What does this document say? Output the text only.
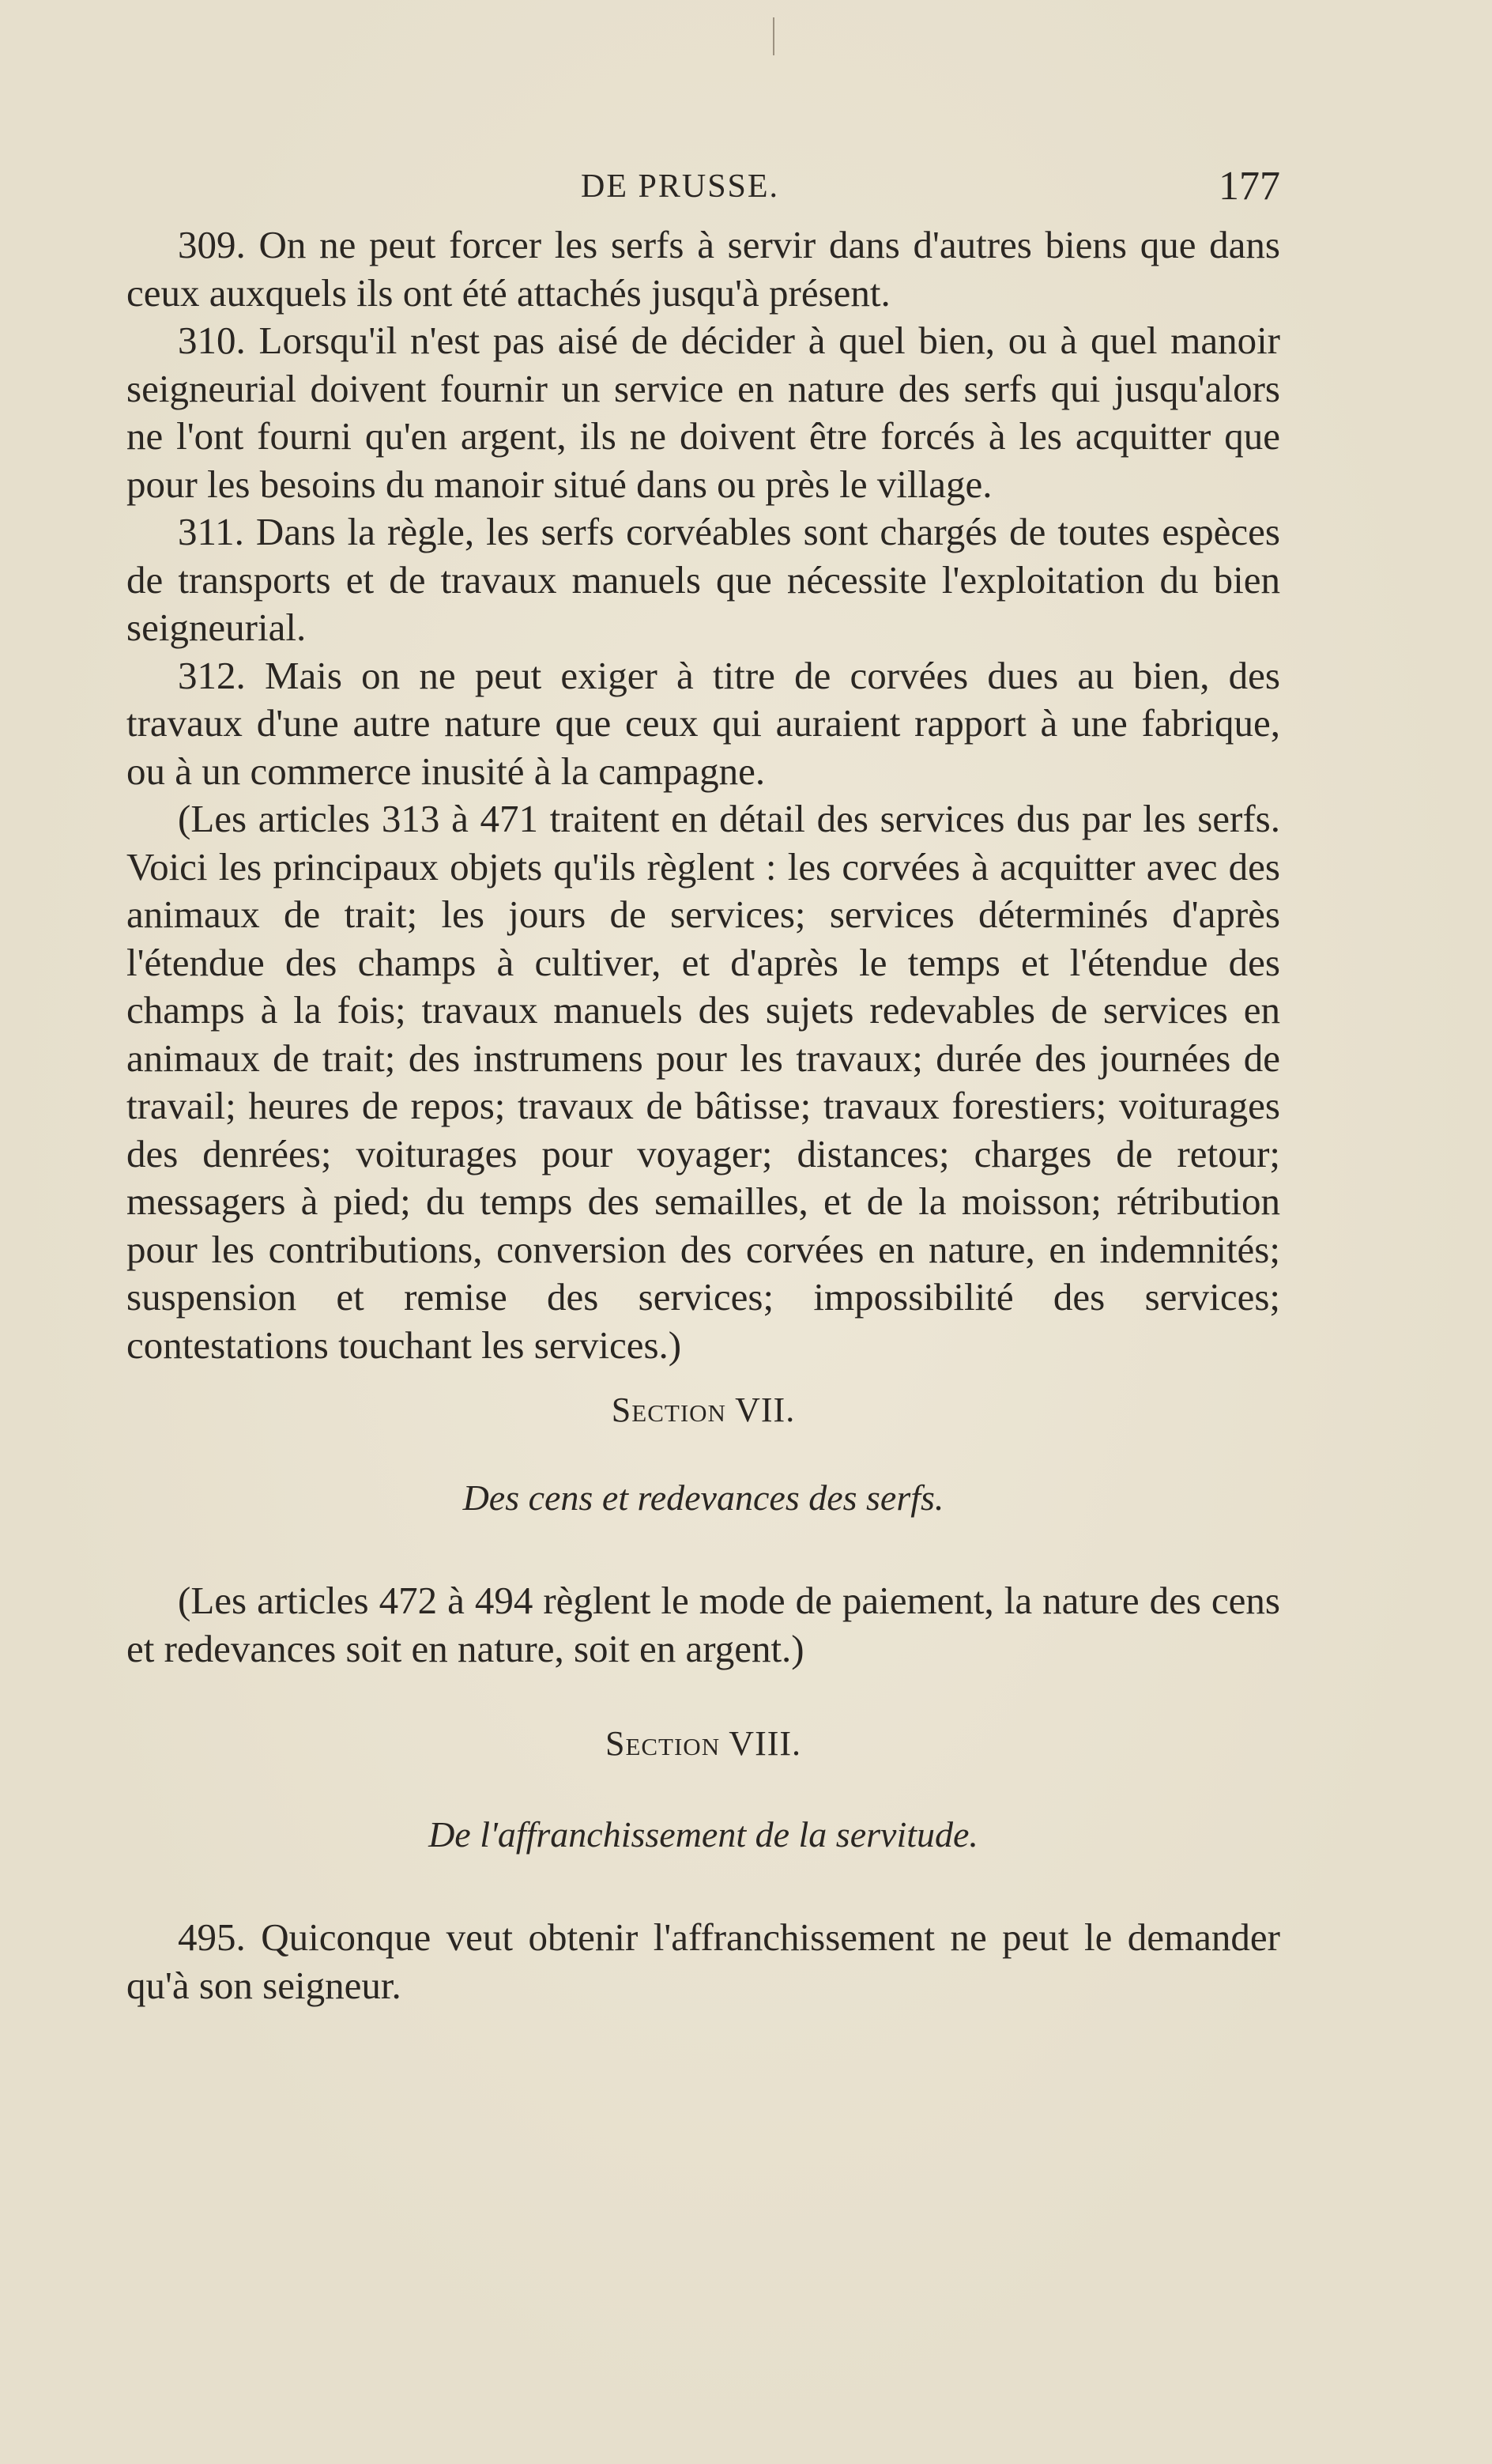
DE PRUSSE.	177

309. On ne peut forcer les serfs à servir dans d'autres biens que dans ceux auxquels ils ont été attachés jusqu'à présent.

310. Lorsqu'il n'est pas aisé de décider à quel bien, ou à quel manoir seigneurial doivent fournir un service en nature des serfs qui jusqu'alors ne l'ont fourni qu'en argent, ils ne doivent être forcés à les acquitter que pour les besoins du manoir situé dans ou près le village.

311. Dans la règle, les serfs corvéables sont chargés de toutes espèces de transports et de travaux manuels que nécessite l'exploitation du bien seigneurial.

312. Mais on ne peut exiger à titre de corvées dues au bien, des travaux d'une autre nature que ceux qui auraient rapport à une fabrique, ou à un commerce inusité à la campagne.

(Les articles 313 à 471 traitent en détail des services dus par les serfs. Voici les principaux objets qu'ils règlent : les corvées à acquitter avec des animaux de trait; les jours de services; services déterminés d'après l'étendue des champs à cultiver, et d'après le temps et l'étendue des champs à la fois; travaux manuels des sujets redevables de services en animaux de trait; des instrumens pour les travaux; durée des journées de travail; heures de repos; travaux de bâtisse; travaux forestiers; voiturages des denrées; voiturages pour voyager; distances; charges de retour; messagers à pied; du temps des semailles, et de la moisson; rétribution pour les contributions, conversion des corvées en nature, en indemnités; suspension et remise des services; impossibilité des services; contestations touchant les services.)

Section VII.
Des cens et redevances des serfs.

(Les articles 472 à 494 règlent le mode de paiement, la nature des cens et redevances soit en nature, soit en argent.)

Section VIII.
De l'affranchissement de la servitude.

495. Quiconque veut obtenir l'affranchissement ne peut le demander qu'à son seigneur.
